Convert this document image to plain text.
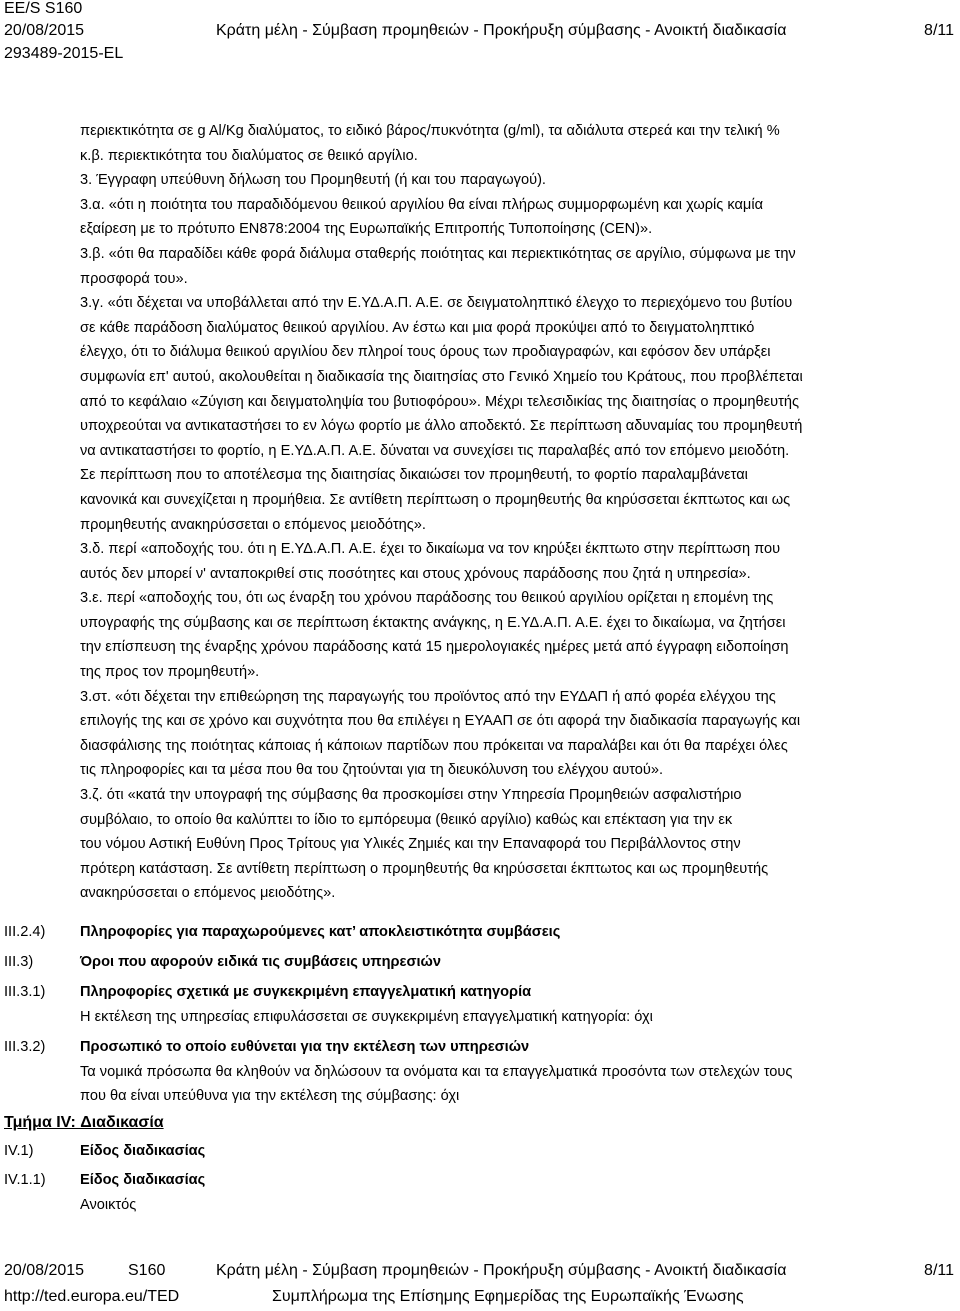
EE/S S160
20/08/2015
293489-2015-EL
Κράτη μέλη - Σύμβαση προμηθειών - Προκήρυξη σύμβασης - Ανοικτή διαδικασία	8/11

περιεκτικότητα σε g Al/Kg διαλύματος, το ειδικό βάρος/πυκνότητα (g/ml), τα αδιάλυτα στερεά και την τελική %

κ.β. περιεκτικότητα του διαλύματος σε θειικό αργίλιο.

3. Έγγραφη υπεύθυνη δήλωση του Προμηθευτή (ή και του παραγωγού).

3.α. «ότι η ποιότητα του παραδιδόμενου θειικού αργιλίου θα είναι πλήρως συμμορφωμένη και χωρίς καμία

εξαίρεση με το πρότυπο EN878:2004 της Ευρωπαϊκής Επιτροπής Τυποποίησης (CEN)».

3.β. «ότι θα παραδίδει κάθε φορά διάλυμα σταθερής ποιότητας και περιεκτικότητας σε αργίλιο, σύμφωνα με την

προσφορά του».

3.γ. «ότι δέχεται να υποβάλλεται από την Ε.ΥΔ.Α.Π. Α.Ε. σε δειγματοληπτικό έλεγχο το περιεχόμενο του βυτίου

σε κάθε παράδοση διαλύματος θειικού αργιλίου. Αν έστω και μια φορά προκύψει από το δειγματοληπτικό

έλεγχο, ότι το διάλυμα θειικού αργιλίου δεν πληροί τους όρους των προδιαγραφών, και εφόσον δεν υπάρξει

συμφωνία επ' αυτού, ακολουθείται η διαδικασία της διαιτησίας στο Γενικό Χημείο του Κράτους, που προβλέπεται

από το κεφάλαιο «Ζύγιση και δειγματοληψία του βυτιοφόρου». Μέχρι τελεσιδικίας της διαιτησίας ο προμηθευτής

υποχρεούται να αντικαταστήσει το εν λόγω φορτίο με άλλο αποδεκτό. Σε περίπτωση αδυναμίας του προμηθευτή

να αντικαταστήσει το φορτίο, η Ε.ΥΔ.Α.Π. Α.Ε. δύναται να συνεχίσει τις παραλαβές από τον επόμενο μειοδότη.

Σε περίπτωση που το αποτέλεσμα της διαιτησίας δικαιώσει τον προμηθευτή, το φορτίο παραλαμβάνεται

κανονικά και συνεχίζεται η προμήθεια. Σε αντίθετη περίπτωση ο προμηθευτής θα κηρύσσεται έκπτωτος και ως

προμηθευτής ανακηρύσσεται ο επόμενος μειοδότης».

3.δ. περί «αποδοχής του. ότι η Ε.ΥΔ.Α.Π. Α.Ε. έχει το δικαίωμα να τον κηρύξει έκπτωτο στην περίπτωση που

αυτός δεν μπορεί ν' ανταποκριθεί στις ποσότητες και στους χρόνους παράδοσης που ζητά η υπηρεσία».

3.ε. περί «αποδοχής του, ότι ως έναρξη του χρόνου παράδοσης του θειικού αργιλίου ορίζεται η επομένη της

υπογραφής της σύμβασης και σε περίπτωση έκτακτης ανάγκης, η Ε.ΥΔ.Α.Π. Α.Ε. έχει το δικαίωμα, να ζητήσει

την επίσπευση της έναρξης χρόνου παράδοσης κατά 15 ημερολογιακές ημέρες μετά από έγγραφη ειδοποίηση

της προς τον προμηθευτή».

3.στ. «ότι δέχεται την επιθεώρηση της παραγωγής του προϊόντος από την ΕΥΔΑΠ ή από φορέα ελέγχου της

επιλογής της και σε χρόνο και συχνότητα που θα επιλέγει η ΕΥΑΑΠ σε ότι αφορά την διαδικασία παραγωγής και

διασφάλισης της ποιότητας κάποιας ή κάποιων παρτίδων που πρόκειται να παραλάβει και ότι θα παρέχει όλες

τις πληροφορίες και τα μέσα που θα του ζητούνται για τη διευκόλυνση του ελέγχου αυτού».

3.ζ. ότι «κατά την υπογραφή της σύμβασης θα προσκομίσει στην Υπηρεσία Προμηθειών ασφαλιστήριο

συμβόλαιο, το οποίο θα καλύπτει το ίδιο το εμπόρευμα (θειικό αργίλιο) καθώς και επέκταση για την εκ

του νόμου Αστική Ευθύνη Προς Τρίτους για Υλικές Ζημιές και την Επαναφορά του Περιβάλλοντος στην

πρότερη κατάσταση. Σε αντίθετη περίπτωση ο προμηθευτής θα κηρύσσεται έκπτωτος και ως προμηθευτής

ανακηρύσσεται ο επόμενος μειοδότης».

III.2.4) Πληροφορίες για παραχωρούμενες κατ’ αποκλειστικότητα συμβάσεις
III.3)	Όροι που αφορούν ειδικά τις συμβάσεις υπηρεσιών
III.3.1) Πληροφορίες σχετικά με συγκεκριμένη επαγγελματική κατηγορία
Η εκτέλεση της υπηρεσίας επιφυλάσσεται σε συγκεκριμένη επαγγελματική κατηγορία: όχι
III.3.2) Προσωπικό το οποίο ευθύνεται για την εκτέλεση των υπηρεσιών
Τα νομικά πρόσωπα θα κληθούν να δηλώσουν τα ονόματα και τα επαγγελματικά προσόντα των στελεχών τους
που θα είναι υπεύθυνα για την εκτέλεση της σύμβασης: όχι
Τμήμα IV: Διαδικασία
IV.1)	Είδος διαδικασίας
IV.1.1) Είδος διαδικασίας
Ανοικτός
20/08/2015	S160	Κράτη μέλη - Σύμβαση προμηθειών - Προκήρυξη σύμβασης - Ανοικτή διαδικασία	8/11
http://ted.europa.eu/TED	Συμπλήρωμα της Επίσημης Εφημερίδας της Ευρωπαϊκής Ένωσης
